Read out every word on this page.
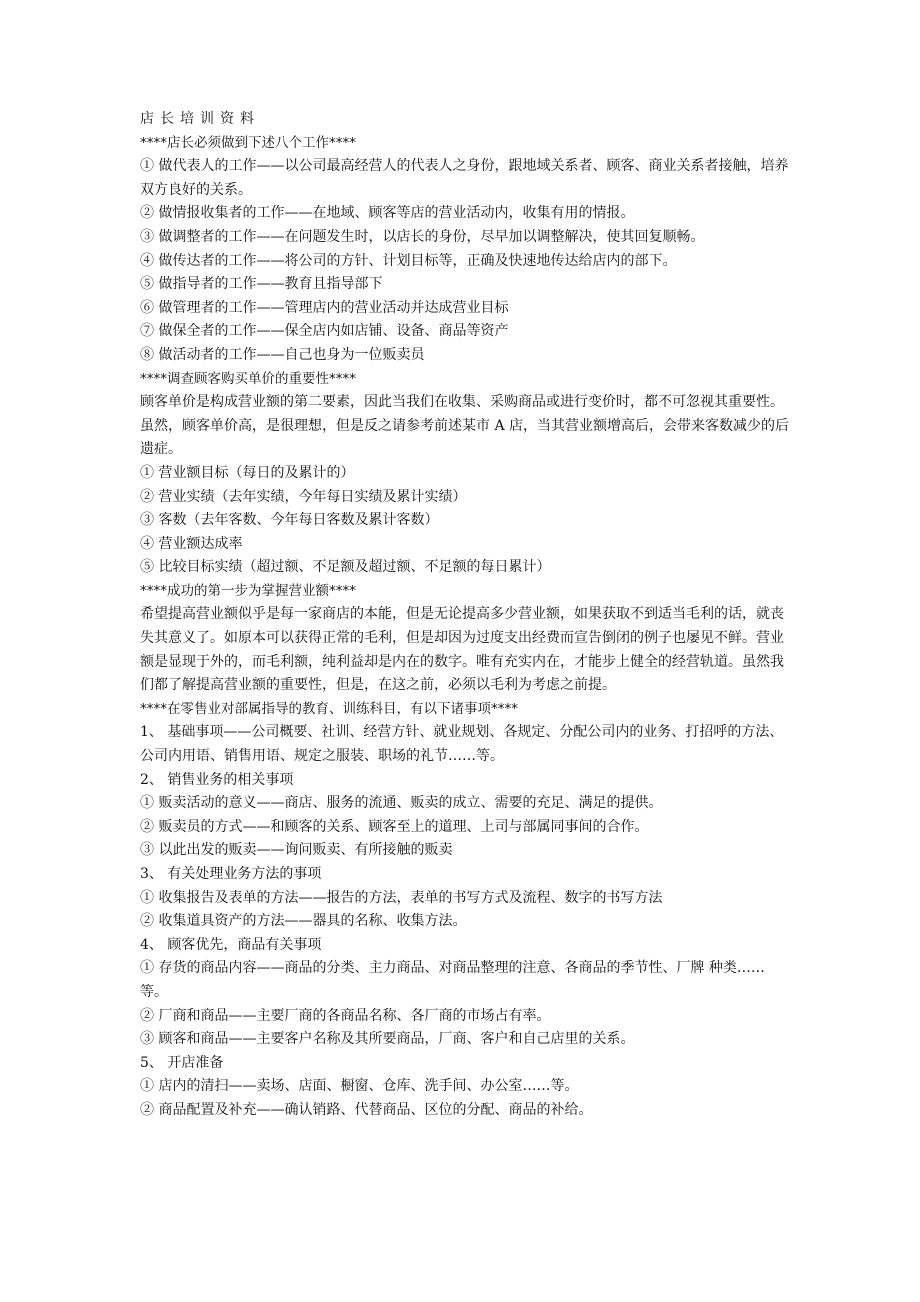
店长培训资料

****店长必须做到下述八个工作****

① 做代表人的工作——以公司最高经营人的代表人之身份，跟地域关系者、顾客、商业关系者接触，培养双方良好的关系。

② 做情报收集者的工作——在地域、顾客等店的营业活动内，收集有用的情报。

③ 做调整者的工作——在问题发生时，以店长的身份，尽早加以调整解决，使其回复顺畅。

④ 做传达者的工作——将公司的方针、计划目标等，正确及快速地传达给店内的部下。

⑤ 做指导者的工作——教育且指导部下

⑥ 做管理者的工作——管理店内的营业活动并达成营业目标

⑦ 做保全者的工作——保全店内如店铺、设备、商品等资产

⑧ 做活动者的工作——自己也身为一位贩卖员

****调查顾客购买单价的重要性****

顾客单价是构成营业额的第二要素，因此当我们在收集、采购商品或进行变价时，都不可忽视其重要性。虽然，顾客单价高，是很理想，但是反之请参考前述某市 A 店，当其营业额增高后，会带来客数减少的后遗症。

① 营业额目标（每日的及累计的）

② 营业实绩（去年实绩，今年每日实绩及累计实绩）

③ 客数（去年客数、今年每日客数及累计客数）

④ 营业额达成率

⑤ 比较目标实绩（超过额、不足额及超过额、不足额的每日累计）

****成功的第一步为掌握营业额****

希望提高营业额似乎是每一家商店的本能，但是无论提高多少营业额，如果获取不到适当毛利的话，就丧失其意义了。如原本可以获得正常的毛利，但是却因为过度支出经费而宣告倒闭的例子也屡见不鲜。营业额是显现于外的，而毛利额，纯利益却是内在的数字。唯有充实内在，才能步上健全的经营轨道。虽然我们都了解提高营业额的重要性，但是，在这之前，必须以毛利为考虑之前提。

****在零售业对部属指导的教育、训练科目，有以下诸事项****

1、 基础事项——公司概要、社训、经营方针、就业规划、各规定、分配公司内的业务、打招呼的方法、公司内用语、销售用语、规定之服装、职场的礼节……等。

2、 销售业务的相关事项

① 贩卖活动的意义——商店、服务的流通、贩卖的成立、需要的充足、满足的提供。

② 贩卖员的方式——和顾客的关系、顾客至上的道理、上司与部属同事间的合作。

③ 以此出发的贩卖——询问贩卖、有所接触的贩卖

3、 有关处理业务方法的事项

① 收集报告及表单的方法——报告的方法，表单的书写方式及流程、数字的书写方法

② 收集道具资产的方法——器具的名称、收集方法。

4、 顾客优先，商品有关事项

① 存货的商品内容——商品的分类、主力商品、对商品整理的注意、各商品的季节性、厂牌 种类……等。

② 厂商和商品——主要厂商的各商品名称、各厂商的市场占有率。

③ 顾客和商品——主要客户名称及其所要商品，厂商、客户和自己店里的关系。

5、 开店准备

① 店内的清扫——卖场、店面、橱窗、仓库、洗手间、办公室……等。

② 商品配置及补充——确认销路、代替商品、区位的分配、商品的补给。
